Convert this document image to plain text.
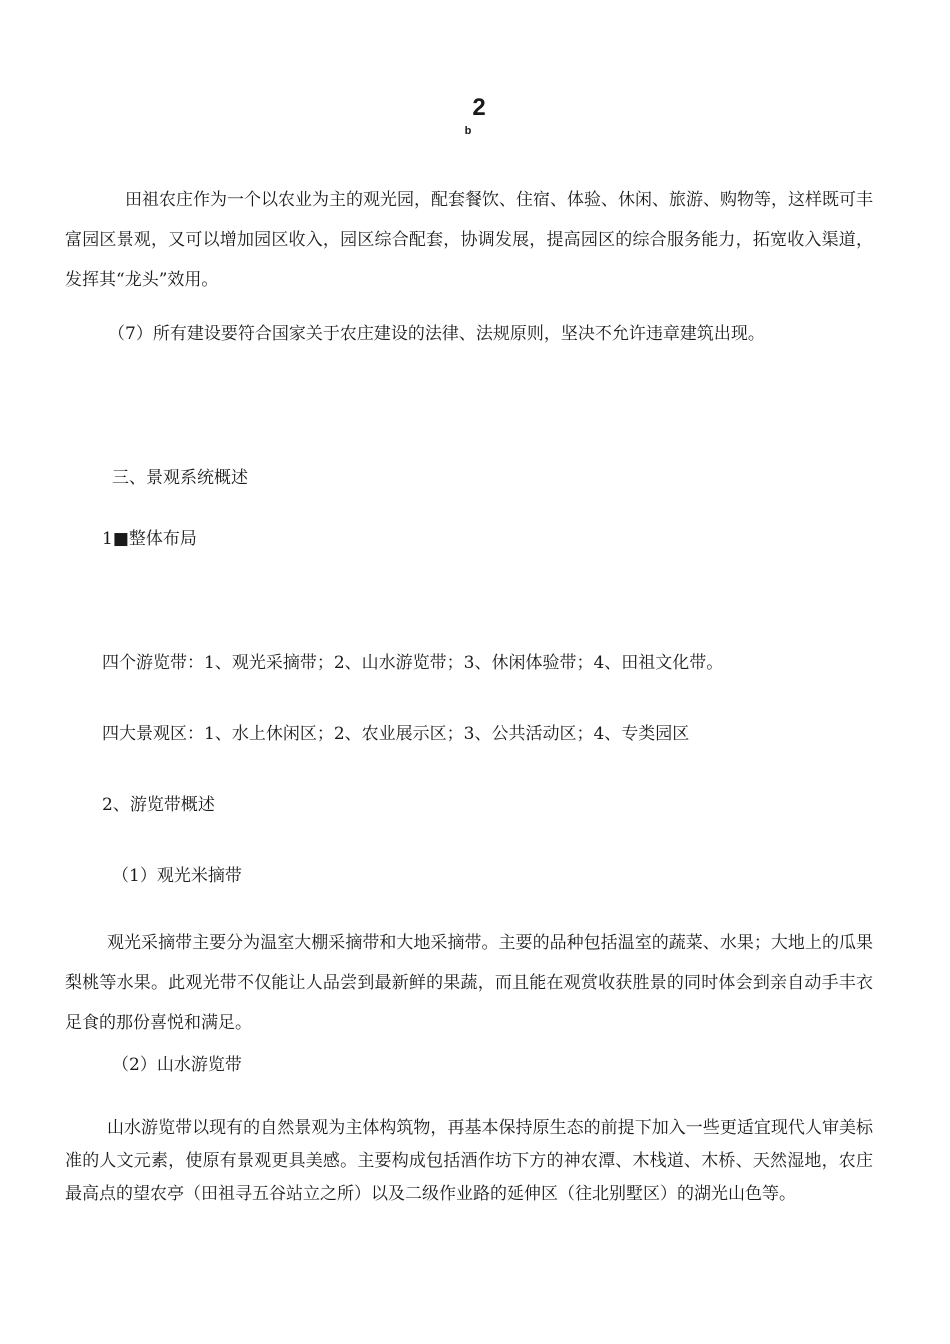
2
b

田祖农庄作为一个以农业为主的观光园，配套餐饮、住宿、体验、休闲、旅游、购物等，这样既可丰富园区景观，又可以增加园区收入，园区综合配套，协调发展，提高园区的综合服务能力，拓宽收入渠道，发挥其“龙头”效用。

（7）所有建设要符合国家关于农庄建设的法律、法规原则，坚决不允许违章建筑出现。

三、景观系统概述

1■整体布局

四个游览带：1、观光采摘带；2、山水游览带；3、休闲体验带；4、田祖文化带。

四大景观区：1、水上休闲区；2、农业展示区；3、公共活动区；4、专类园区

2、游览带概述

（1）观光米摘带

观光采摘带主要分为温室大棚采摘带和大地采摘带。主要的品种包括温室的蔬菜、水果；大地上的瓜果梨桃等水果。此观光带不仅能让人品尝到最新鲜的果蔬，而且能在观赏收获胜景的同时体会到亲自动手丰衣足食的那份喜悦和满足。

（2）山水游览带

山水游览带以现有的自然景观为主体构筑物，再基本保持原生态的前提下加入一些更适宜现代人审美标准的人文元素，使原有景观更具美感。主要构成包括酒作坊下方的神农潭、木栈道、木桥、天然湿地，农庄最高点的望农亭（田祖寻五谷站立之所）以及二级作业路的延伸区（往北别墅区）的湖光山色等。
